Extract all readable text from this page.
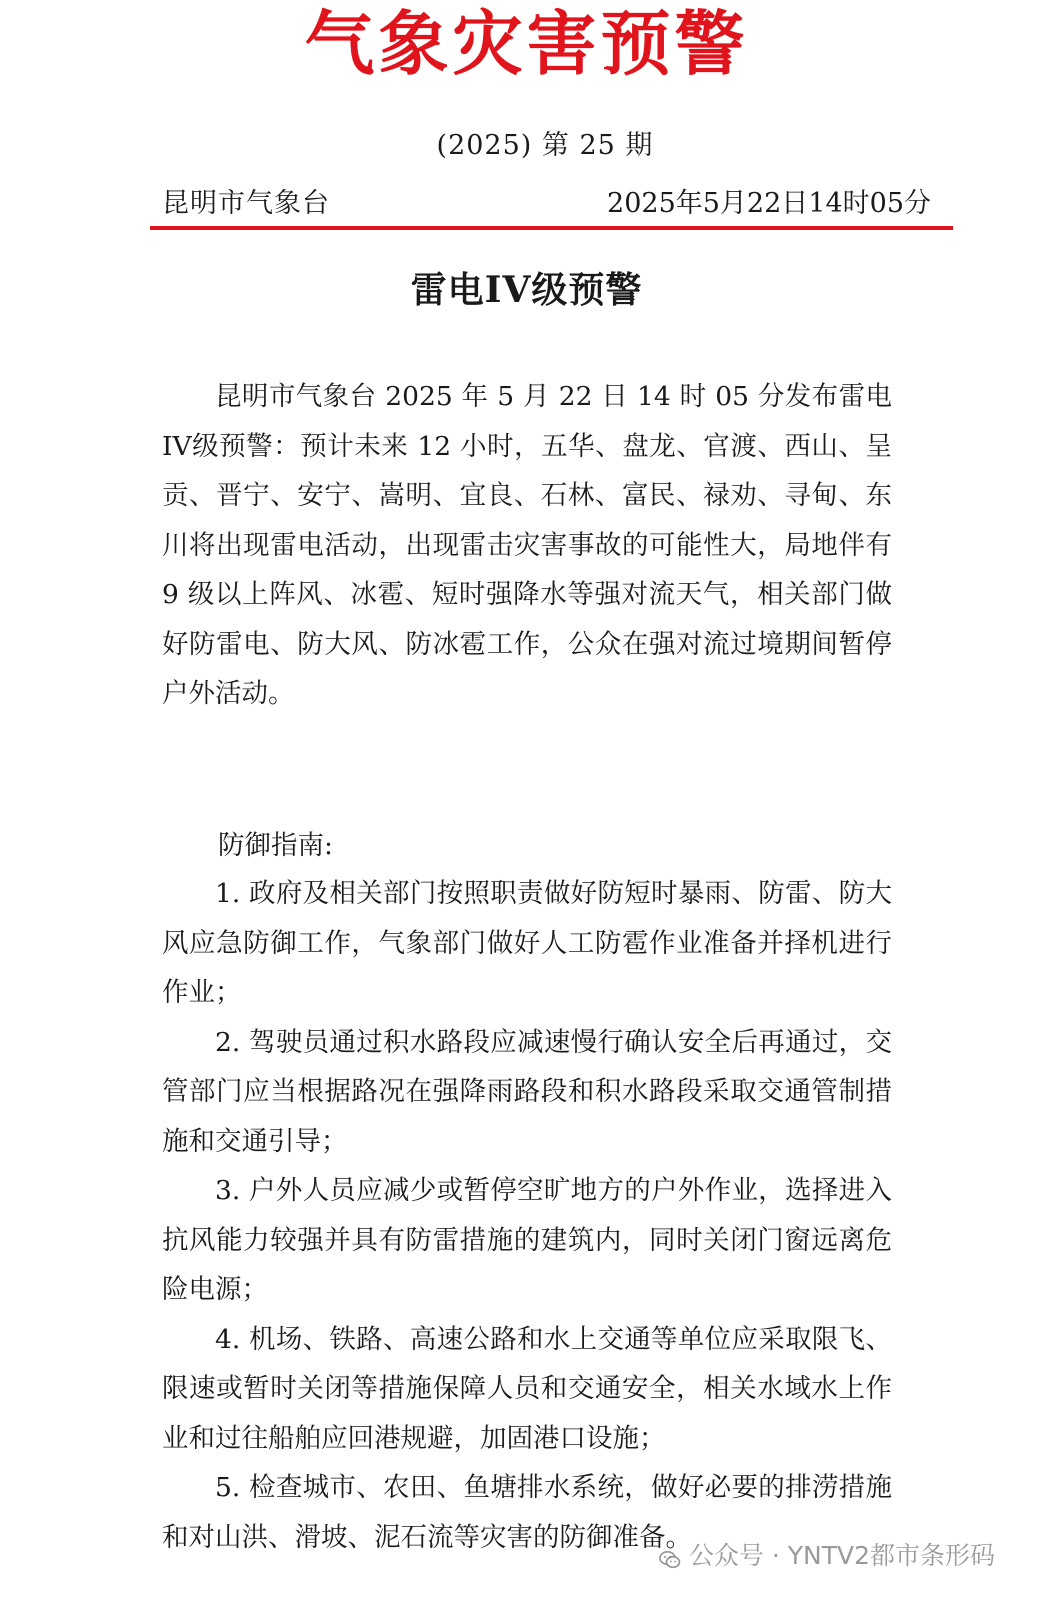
气象灾害预警
(2025) 第 25 期
昆明市气象台	2025年5月22日14时05分
雷电IV级预警

昆明市气象台 2025 年 5 月 22 日 14 时 05 分发布雷电IV级预警：预计未来 12 小时，五华、盘龙、官渡、西山、呈贡、晋宁、安宁、嵩明、宜良、石林、富民、禄劝、寻甸、东川将出现雷电活动，出现雷击灾害事故的可能性大，局地伴有 9 级以上阵风、冰雹、短时强降水等强对流天气，相关部门做好防雷电、防大风、防冰雹工作，公众在强对流过境期间暂停户外活动。

防御指南:
1. 政府及相关部门按照职责做好防短时暴雨、防雷、防大风应急防御工作，气象部门做好人工防雹作业准备并择机进行作业；
2. 驾驶员通过积水路段应减速慢行确认安全后再通过，交管部门应当根据路况在强降雨路段和积水路段采取交通管制措施和交通引导；
3. 户外人员应减少或暂停空旷地方的户外作业，选择进入抗风能力较强并具有防雷措施的建筑内，同时关闭门窗远离危险电源；
4. 机场、铁路、高速公路和水上交通等单位应采取限飞、限速或暂时关闭等措施保障人员和交通安全，相关水域水上作业和过往船舶应回港规避，加固港口设施；
5. 检查城市、农田、鱼塘排水系统，做好必要的排涝措施和对山洪、滑坡、泥石流等灾害的防御准备。
公众号 · YNTV2都市条形码
